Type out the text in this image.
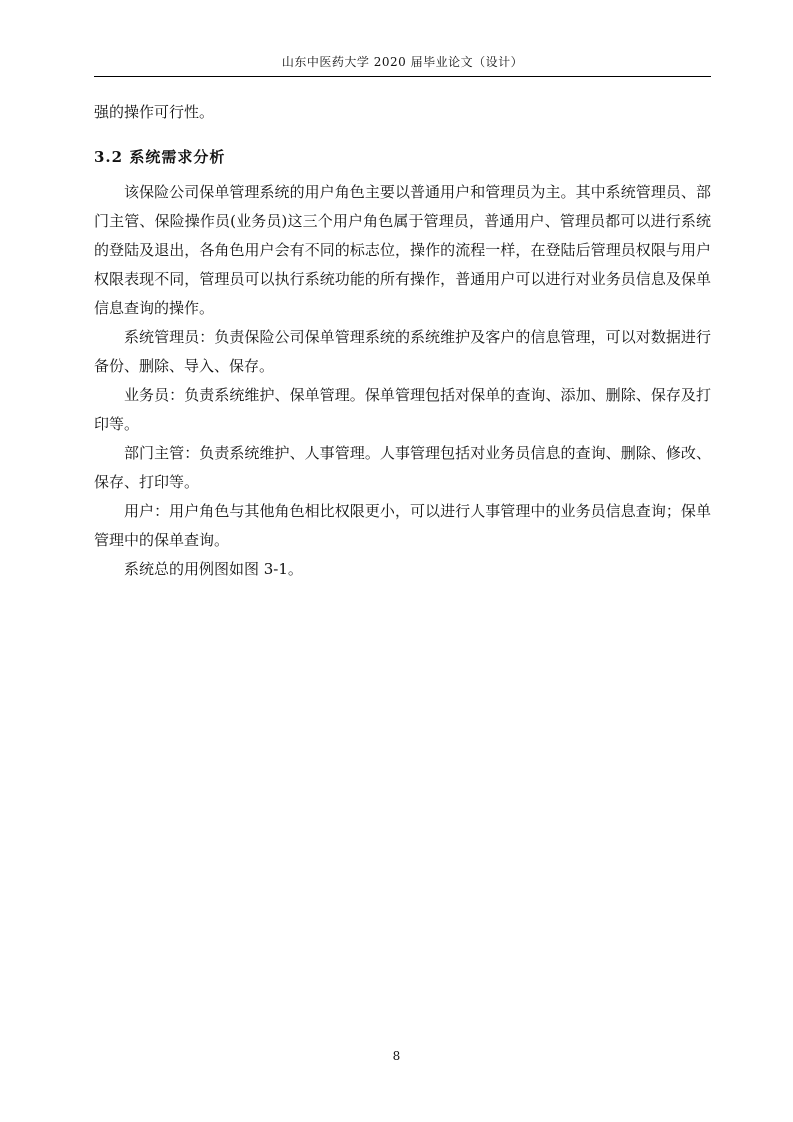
山东中医药大学 2020 届毕业论文（设计）

强的操作可行性。

3.2 系统需求分析

该保险公司保单管理系统的用户角色主要以普通用户和管理员为主。其中系统管理员、部门主管、保险操作员(业务员)这三个用户角色属于管理员，普通用户、管理员都可以进行系统的登陆及退出，各角色用户会有不同的标志位，操作的流程一样，在登陆后管理员权限与用户权限表现不同，管理员可以执行系统功能的所有操作，普通用户可以进行对业务员信息及保单信息查询的操作。

系统管理员：负责保险公司保单管理系统的系统维护及客户的信息管理，可以对数据进行备份、删除、导入、保存。

业务员：负责系统维护、保单管理。保单管理包括对保单的查询、添加、删除、保存及打印等。

部门主管：负责系统维护、人事管理。人事管理包括对业务员信息的查询、删除、修改、保存、打印等。

用户：用户角色与其他角色相比权限更小，可以进行人事管理中的业务员信息查询；保单管理中的保单查询。

系统总的用例图如图 3-1。

8
